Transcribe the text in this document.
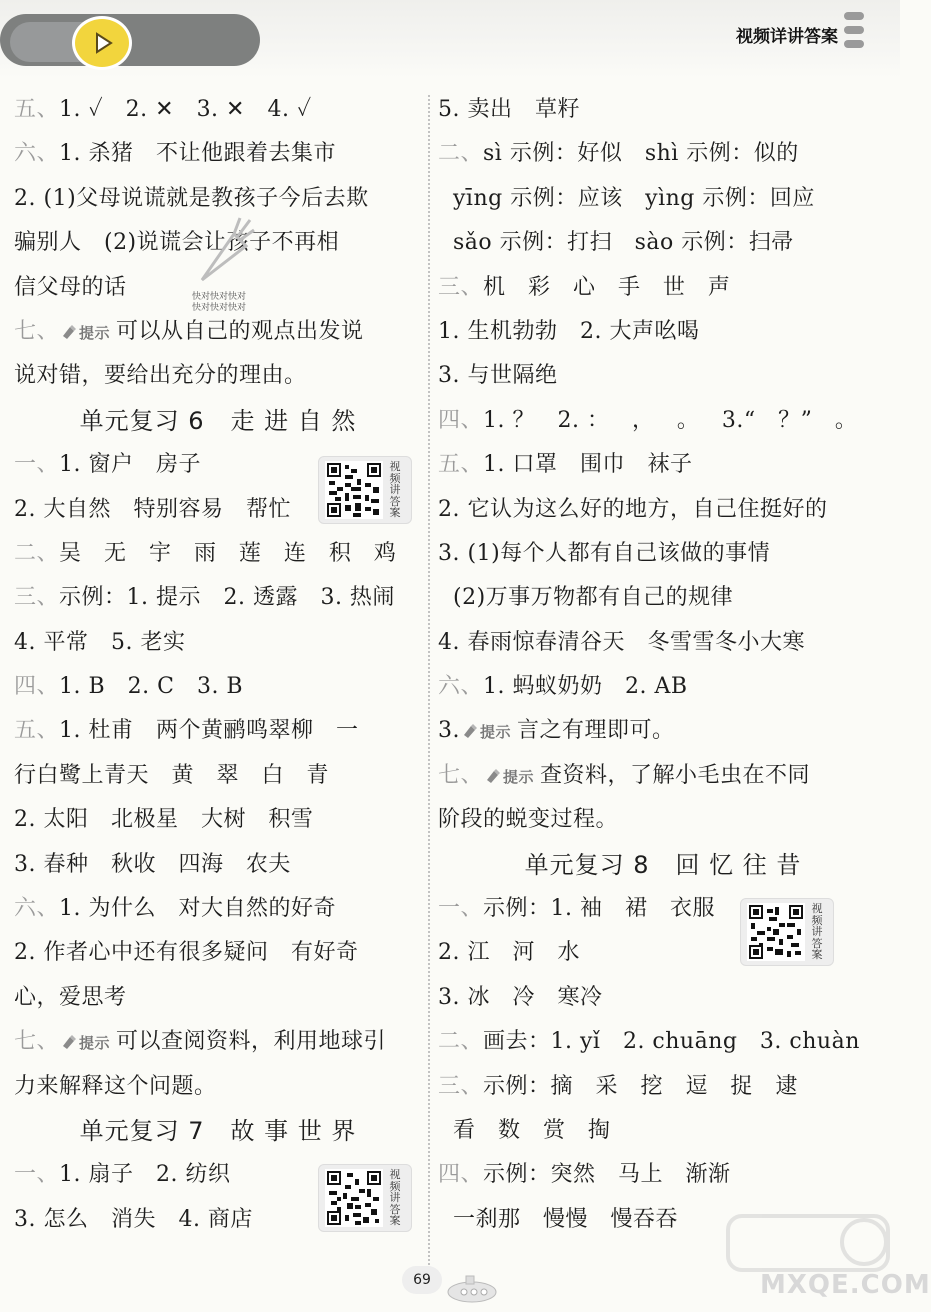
视频详讲答案
五、1. ✓   2. ✕   3. ✕   4. ✓
六、1. 杀猪   不让他跟着去集市
2. (1)父母说谎就是教孩子今后去欺
骗别人   (2)说谎会让孩子不再相
信父母的话
七、 提示 可以从自己的观点出发说
说对错，要给出充分的理由。
单元复习 6   走 进 自 然
一、1. 窗户   房子
2. 大自然   特别容易   帮忙
二、吴   无   宇   雨   莲   连   积   鸡
三、示例：1. 提示   2. 透露   3. 热闹
4. 平常   5. 老实
四、1. B   2. C   3. B
五、1. 杜甫   两个黄鹂鸣翠柳   一
行白鹭上青天   黄   翠   白   青
2. 太阳   北极星   大树   积雪
3. 春种   秋收   四海   农夫
六、1. 为什么   对大自然的好奇
2. 作者心中还有很多疑问   有好奇
心，爱思考
七、 提示 可以查阅资料，利用地球引
力来解释这个问题。
单元复习 7   故 事 世 界
一、1. 扇子   2. 纺织
3. 怎么   消失   4. 商店
5. 卖出   草籽
二、sì 示例：好似   shì 示例：似的
yīng 示例：应该   yìng 示例：回应
sǎo 示例：打扫   sào 示例：扫帚
三、机   彩   心   手   世   声
1. 生机勃勃   2. 大声吆喝
3. 与世隔绝
四、1. ？   2. ：   ，   。   3.“   ？”   。
五、1. 口罩   围巾   袜子
2. 它认为这么好的地方，自己住挺好的
3. (1)每个人都有自己该做的事情
(2)万事万物都有自己的规律
4. 春雨惊春清谷天   冬雪雪冬小大寒
六、1. 蚂蚁奶奶   2. AB
3. 提示 言之有理即可。
七、 提示 查资料，了解小毛虫在不同
阶段的蜕变过程。
单元复习 8   回 忆 往 昔
一、示例：1. 袖   裙   衣服
2. 江   河   水
3. 冰   冷   寒冷
二、画去：1. yǐ   2. chuāng   3. chuàn
三、示例：摘   采   挖   逗   捉   逮
看   数   赏   掏
四、示例：突然   马上   渐渐
一刹那   慢慢   慢吞吞
视频讲答案
视频讲答案
视频讲答案
快对快对快对
快对快对快对
MXQE.COM
69
